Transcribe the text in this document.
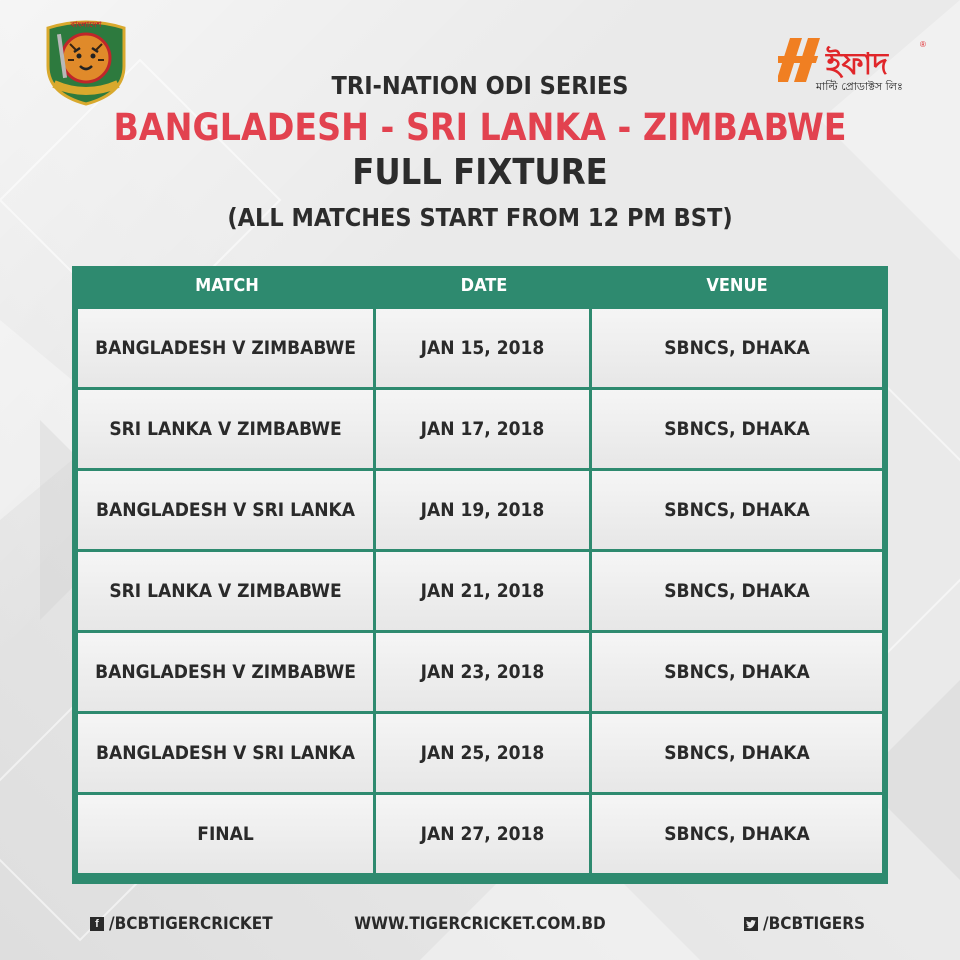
বাংলাদেশ
ইফাদ
®
মাল্টি প্রোডাক্টস লিঃ
TRI-NATION ODI SERIES
BANGLADESH - SRI LANKA - ZIMBABWE
FULL FIXTURE
(ALL MATCHES START FROM 12 PM BST)
MATCH	DATE	VENUE
BANGLADESH V ZIMBABWE	JAN 15, 2018	SBNCS, DHAKA
SRI LANKA V ZIMBABWE	JAN 17, 2018	SBNCS, DHAKA
BANGLADESH V SRI LANKA	JAN 19, 2018	SBNCS, DHAKA
SRI LANKA V ZIMBABWE	JAN 21, 2018	SBNCS, DHAKA
BANGLADESH V ZIMBABWE	JAN 23, 2018	SBNCS, DHAKA
BANGLADESH V SRI LANKA	JAN 25, 2018	SBNCS, DHAKA
FINAL	JAN 27, 2018	SBNCS, DHAKA
f /BCBTIGERCRICKET	WWW.TIGERCRICKET.COM.BD	/BCBTIGERS
